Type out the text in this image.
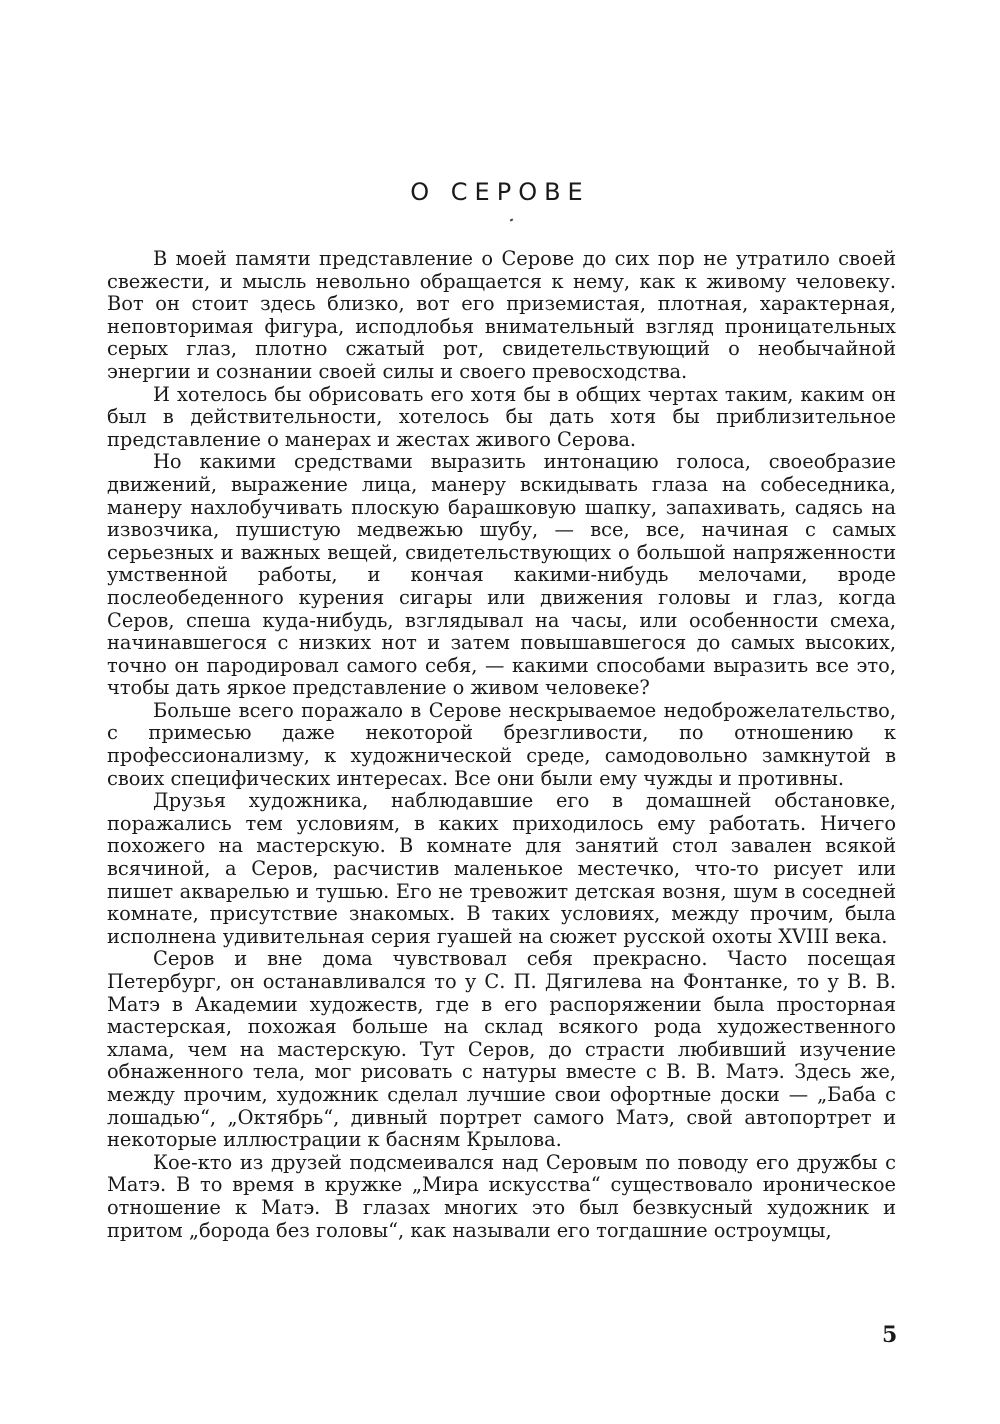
О СЕРОВЕ

В моей памяти представление о Серове до сих пор не утратило своей свежести, и мысль невольно обращается к нему, как к живому человеку. Вот он стоит здесь близко, вот его приземистая, плотная, характерная, неповторимая фигура, исподлобья внимательный взгляд проницательных серых глаз, плотно сжатый рот, свидетельствующий о необычайной энергии и сознании своей силы и своего превосходства.

И хотелось бы обрисовать его хотя бы в общих чертах таким, каким он был в действительности, хотелось бы дать хотя бы приблизительное представление о манерах и жестах живого Серова.

Но какими средствами выразить интонацию голоса, своеобразие движений, выражение лица, манеру вскидывать глаза на собеседника, манеру нахлобучивать плоскую барашковую шапку, запахивать, садясь на извозчика, пушистую медвежью шубу, — все, все, начиная с самых серьезных и важных вещей, свидетельствующих о большой напряженности умственной работы, и кончая какими-нибудь мелочами, вроде послеобеденного курения сигары или движения головы и глаз, когда Серов, спеша куда-нибудь, взглядывал на часы, или особенности смеха, начинавшегося с низких нот и затем повышавшегося до самых высоких, точно он пародировал самого себя, — какими способами выразить все это, чтобы дать яркое представление о живом человеке?

Больше всего поражало в Серове нескрываемое недоброжелательство, с примесью даже некоторой брезгливости, по отношению к профессионализму, к художнической среде, самодовольно замкнутой в своих специфических интересах. Все они были ему чужды и противны.

Друзья художника, наблюдавшие его в домашней обстановке, поражались тем условиям, в каких приходилось ему работать. Ничего похожего на мастерскую. В комнате для занятий стол завален всякой всячиной, а Серов, расчистив маленькое местечко, что-то рисует или пишет акварелью и тушью. Его не тревожит детская возня, шум в соседней комнате, присутствие знакомых. В таких условиях, между прочим, была исполнена удивительная серия гуашей на сюжет русской охоты XVIII века.

Серов и вне дома чувствовал себя прекрасно. Часто посещая Петербург, он останавливался то у С. П. Дягилева на Фонтанке, то у В. В. Матэ в Академии художеств, где в его распоряжении была просторная мастерская, похожая больше на склад всякого рода художественного хлама, чем на мастерскую. Тут Серов, до страсти любивший изучение обнаженного тела, мог рисовать с натуры вместе с В. В. Матэ. Здесь же, между прочим, художник сделал лучшие свои офортные доски — „Баба с лошадью“, „Октябрь“, дивный портрет самого Матэ, свой автопортрет и некоторые иллюстрации к басням Крылова.

Кое-кто из друзей подсмеивался над Серовым по поводу его дружбы с Матэ. В то время в кружке „Мира искусства“ существовало ироническое отношение к Матэ. В глазах многих это был безвкусный художник и притом „борода без головы“, как называли его тогдашние остроумцы,

5
